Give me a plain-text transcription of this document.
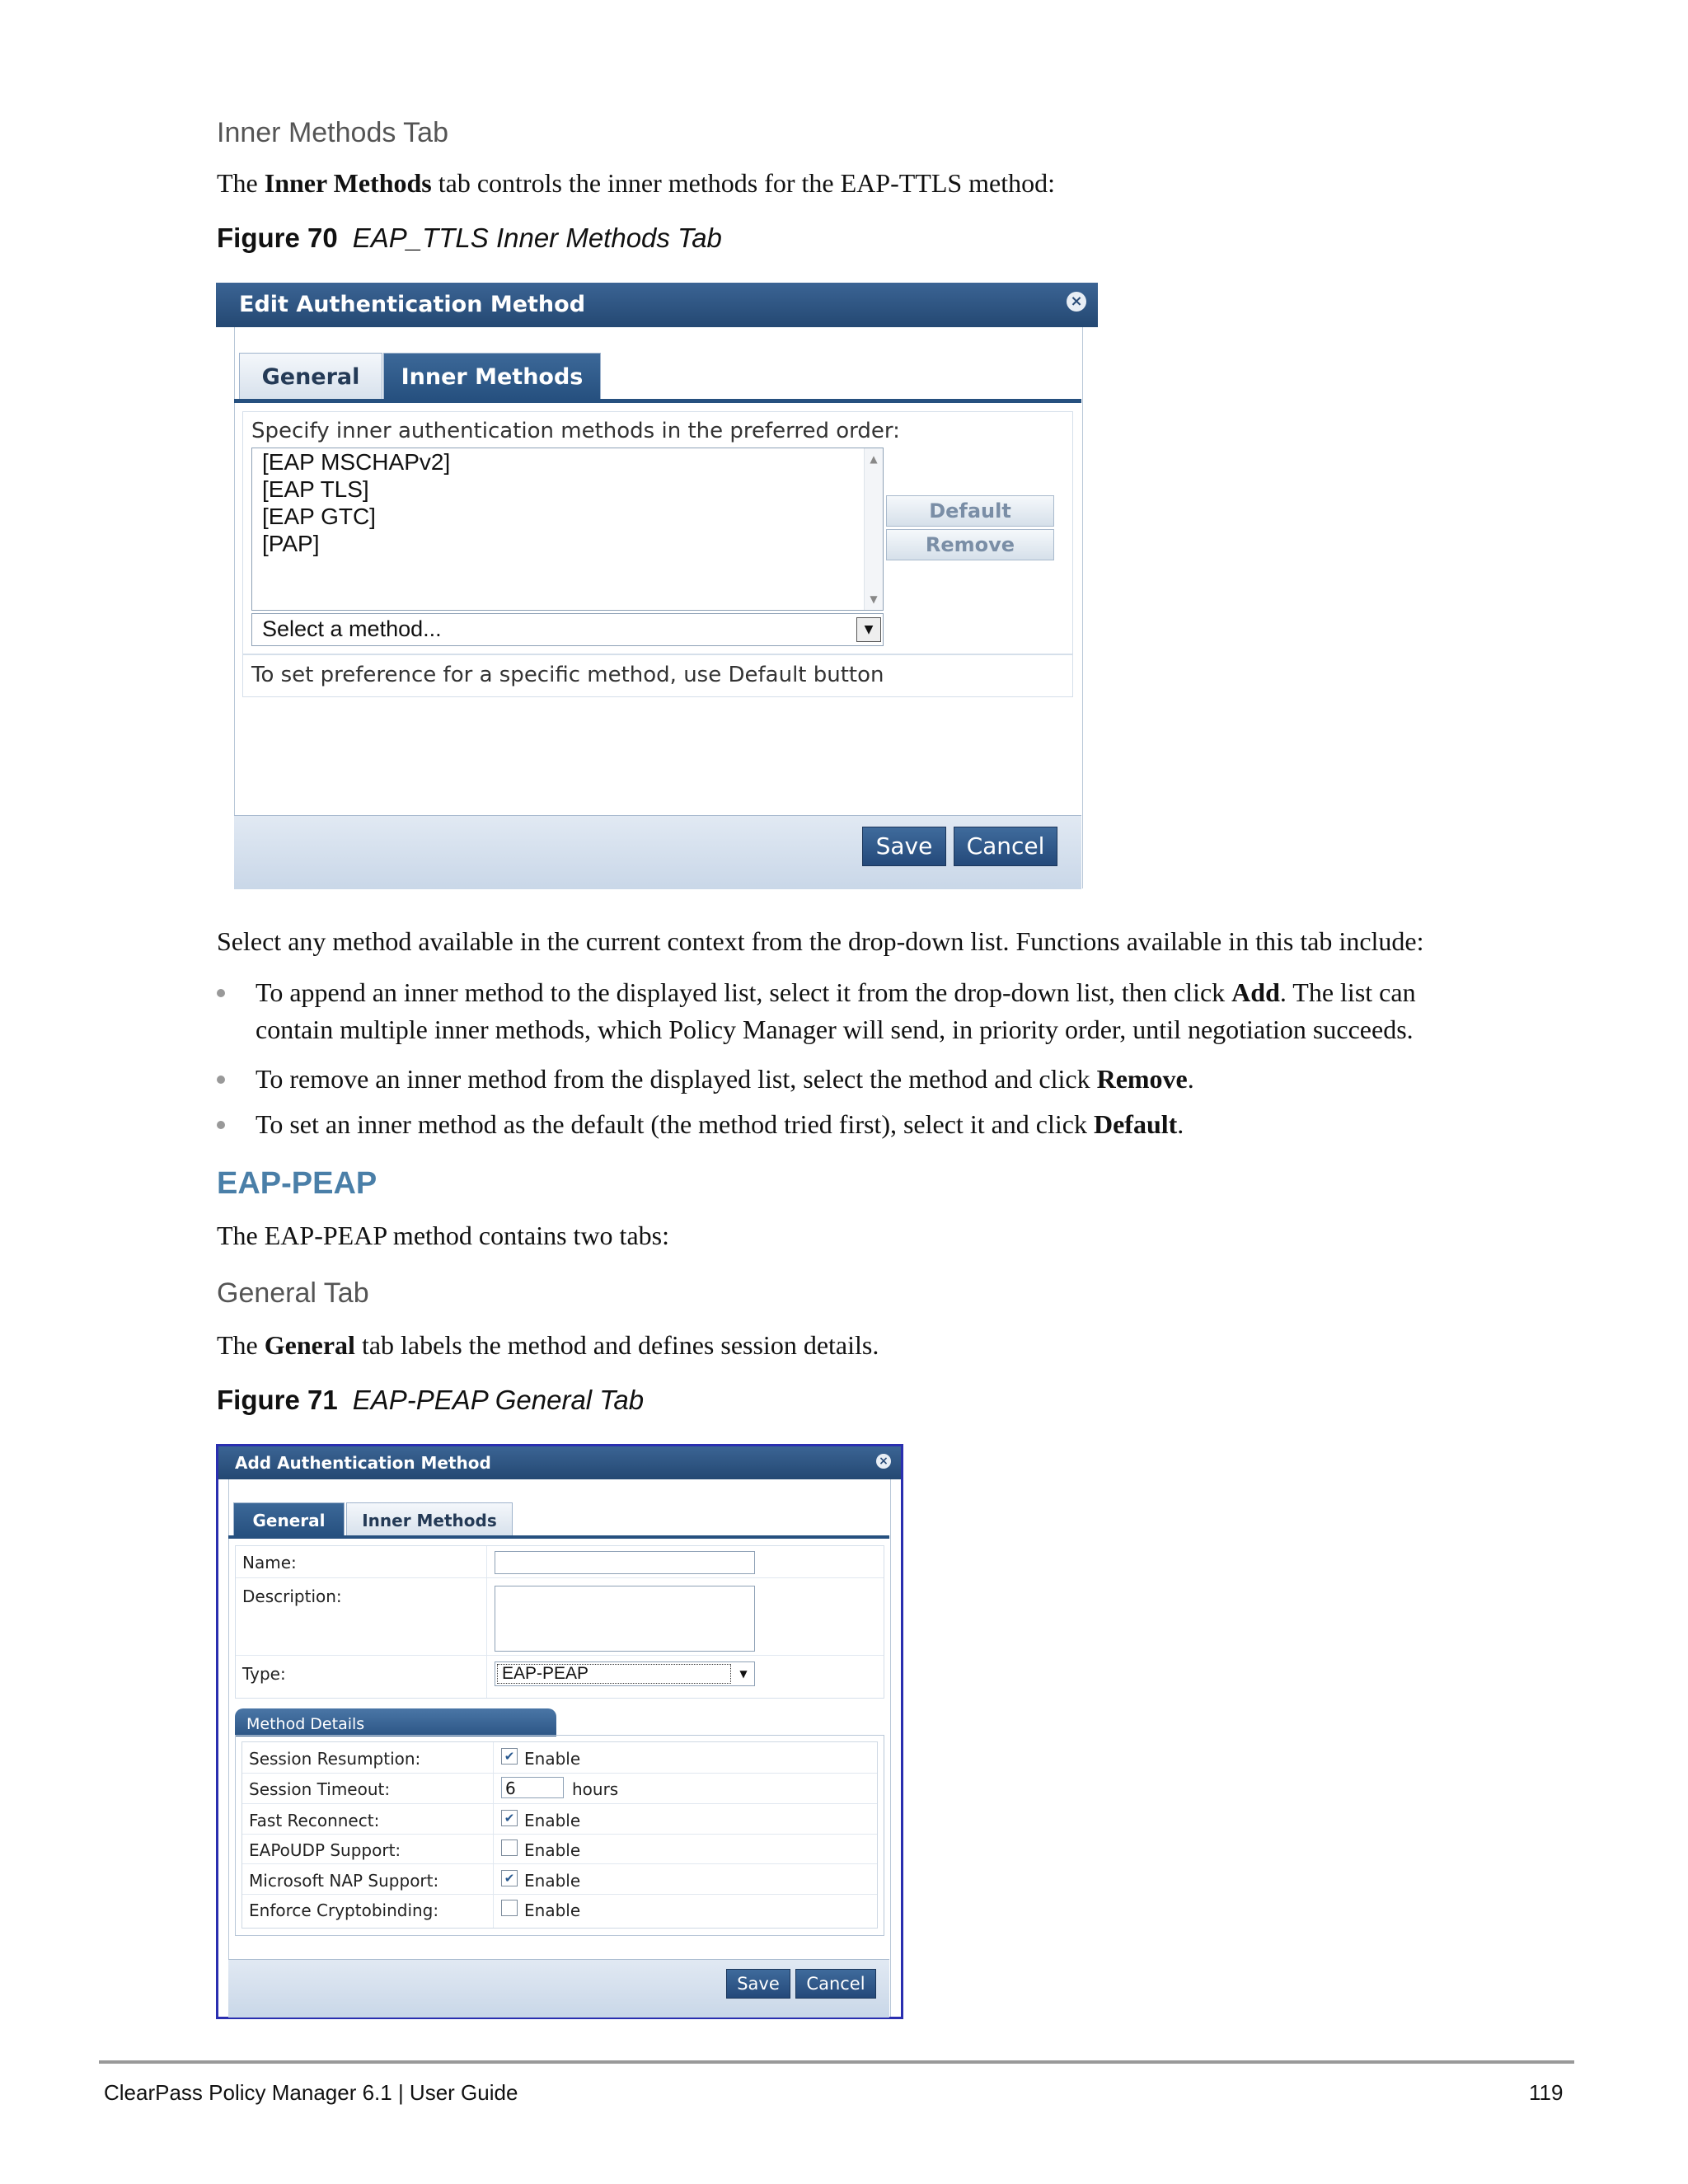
Inner Methods Tab
The Inner Methods tab controls the inner methods for the EAP-TTLS method:
Figure 70 EAP_TTLS Inner Methods Tab
Edit Authentication Method	×
General	Inner Methods
Specify inner authentication methods in the preferred order:
[EAP MSCHAPv2]
[EAP TLS]
[EAP GTC]
[PAP]
▲
▼
Select a method...	▼
Default
Remove
To set preference for a specific method, use Default button
Save	Cancel
Select any method available in the current context from the drop-down list. Functions available in this tab include:
To append an inner method to the displayed list, select it from the drop-down list, then click Add. The list can
contain multiple inner methods, which Policy Manager will send, in priority order, until negotiation succeeds.
To remove an inner method from the displayed list, select the method and click Remove.
To set an inner method as the default (the method tried first), select it and click Default.
EAP-PEAP
The EAP-PEAP method contains two tabs:
General Tab
The General tab labels the method and defines session details.
Figure 71 EAP-PEAP General Tab
Add Authentication Method	×
General	Inner Methods
Name:
Description:
Type:	EAP-PEAP	▼
Method Details
Session Resumption:	✔ Enable
Session Timeout:	6	hours
Fast Reconnect:	✔ Enable
EAPoUDP Support:	Enable
Microsoft NAP Support:	✔ Enable
Enforce Cryptobinding:	Enable
Save	Cancel
ClearPass Policy Manager 6.1 | User Guide	119
